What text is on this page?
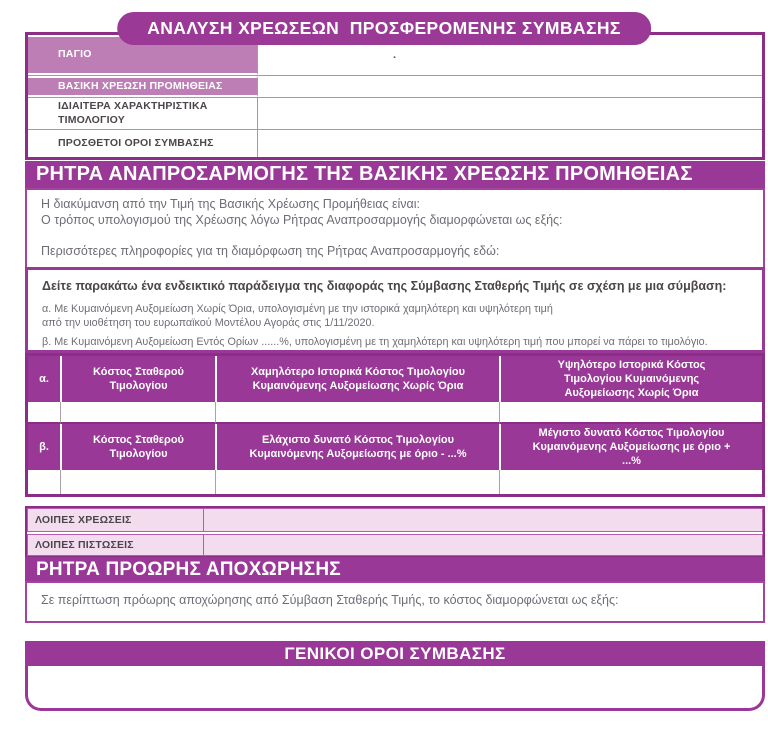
ΑΝΑΛΥΣΗ ΧΡΕΩΣΕΩΝ  ΠΡΟΣΦΕΡΟΜΕΝΗΣ ΣΥΜΒΑΣΗΣ
ΠΑΓΙΟ	.
ΒΑΣΙΚΗ ΧΡΕΩΣΗ ΠΡΟΜΗΘΕΙΑΣ
ΙΔΙΑΙΤΕΡΑ ΧΑΡΑΚΤΗΡΙΣΤΙΚΑ ΤΙΜΟΛΟΓΙΟΥ
ΠΡΟΣΘΕΤΟΙ ΟΡΟΙ ΣΥΜΒΑΣΗΣ
ΡΗΤΡΑ ΑΝΑΠΡΟΣΑΡΜΟΓΗΣ ΤΗΣ ΒΑΣΙΚΗΣ ΧΡΕΩΣΗΣ ΠΡΟΜΗΘΕΙΑΣ
Η διακύμανση από την Τιμή της Βασικής Χρέωσης Προμήθειας είναι:
Ο τρόπος υπολογισμού της Χρέωσης λόγω Ρήτρας Αναπροσαρμογής διαμορφώνεται ως εξής:
Περισσότερες πληροφορίες για τη διαμόρφωση της Ρήτρας Αναπροσαρμογής εδώ:
Δείτε παρακάτω ένα ενδεικτικό παράδειγμα της διαφοράς της Σύμβασης Σταθερής Τιμής σε σχέση με μια σύμβαση:
α. Με Κυμαινόμενη Αυξομείωση Χωρίς Όρια, υπολογισμένη με την ιστορικά χαμηλότερη και υψηλότερη τιμή
από την υιοθέτηση του ευρωπαϊκού Μοντέλου Αγοράς στις 1/11/2020.
β. Με Κυμαινόμενη Αυξομείωση Εντός Ορίων ......%, υπολογισμένη με τη χαμηλότερη και υψηλότερη τιμή που μπορεί να πάρει το τιμολόγιο.
α.
Κόστος Σταθερού Τιμολογίου
Χαμηλότερο Ιστορικά Κόστος Τιμολογίου Κυμαινόμενης Αυξομείωσης Χωρίς Όρια
Υψηλότερο Ιστορικά Κόστος Τιμολογίου Κυμαινόμενης Αυξομείωσης Χωρίς Όρια
β.
Κόστος Σταθερού Τιμολογίου
Ελάχιστο δυνατό Κόστος Τιμολογίου Κυμαινόμενης Αυξομείωσης με όριο - ...%
Μέγιστο δυνατό Κόστος Τιμολογίου Κυμαινόμενης Αυξομείωσης με όριο + ...%
ΛΟΙΠΕΣ ΧΡΕΩΣΕΙΣ
ΛΟΙΠΕΣ ΠΙΣΤΩΣΕΙΣ
ΡΗΤΡΑ ΠΡΟΩΡΗΣ ΑΠΟΧΩΡΗΣΗΣ
Σε περίπτωση πρόωρης αποχώρησης από Σύμβαση Σταθερής Τιμής, το κόστος διαμορφώνεται ως εξής:
ΓΕΝΙΚΟΙ ΟΡΟΙ ΣΥΜΒΑΣΗΣ
